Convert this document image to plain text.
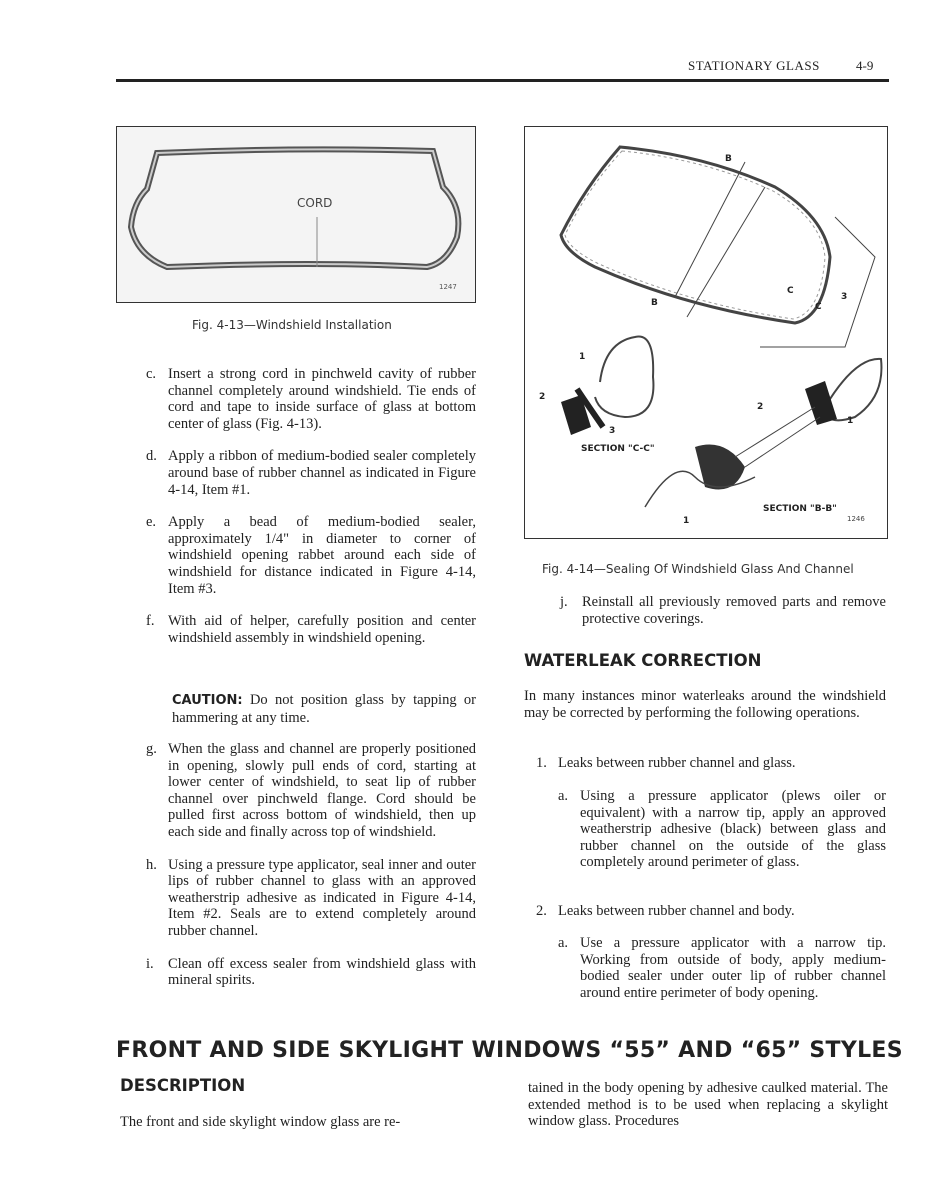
STATIONARY GLASS	4-9
CORD
1247
Fig. 4-13—Windshield Installation
B
B
C
C
3
1
2
3
SECTION "C-C"
2
1
1
SECTION "B-B"
1246
Fig. 4-14—Sealing Of Windshield Glass And Channel
c. Insert a strong cord in pinchweld cavity of rubber channel completely around windshield. Tie ends of cord and tape to inside surface of glass at bottom center of glass (Fig. 4-13).
d. Apply a ribbon of medium-bodied sealer completely around base of rubber channel as indicated in Figure 4-14, Item #1.
e. Apply a bead of medium-bodied sealer, approximately 1/4" in diameter to corner of windshield opening rabbet around each side of windshield for distance indicated in Figure 4-14, Item #3.
f. With aid of helper, carefully position and center windshield assembly in windshield opening.
CAUTION: Do not position glass by tapping or hammering at any time.
g. When the glass and channel are properly positioned in opening, slowly pull ends of cord, starting at lower center of windshield, to seat lip of rubber channel over pinchweld flange. Cord should be pulled first across bottom of windshield, then up each side and finally across top of windshield.
h. Using a pressure type applicator, seal inner and outer lips of rubber channel to glass with an approved weatherstrip adhesive as indicated in Figure 4-14, Item #2. Seals are to extend completely around rubber channel.
i. Clean off excess sealer from windshield glass with mineral spirits.
j. Reinstall all previously removed parts and remove protective coverings.
WATERLEAK CORRECTION
In many instances minor waterleaks around the windshield may be corrected by performing the following operations.
1. Leaks between rubber channel and glass.
a. Using a pressure applicator (plews oiler or equivalent) with a narrow tip, apply an approved weatherstrip adhesive (black) between glass and rubber channel on the outside of the glass completely around perimeter of glass.
2. Leaks between rubber channel and body.
a. Use a pressure applicator with a narrow tip. Working from outside of body, apply medium-bodied sealer under outer lip of rubber channel around entire perimeter of body opening.
FRONT AND SIDE SKYLIGHT WINDOWS “55” AND “65” STYLES
DESCRIPTION
The front and side skylight window glass are re-
tained in the body opening by adhesive caulked material. The extended method is to be used when replacing a skylight window glass. Procedures
